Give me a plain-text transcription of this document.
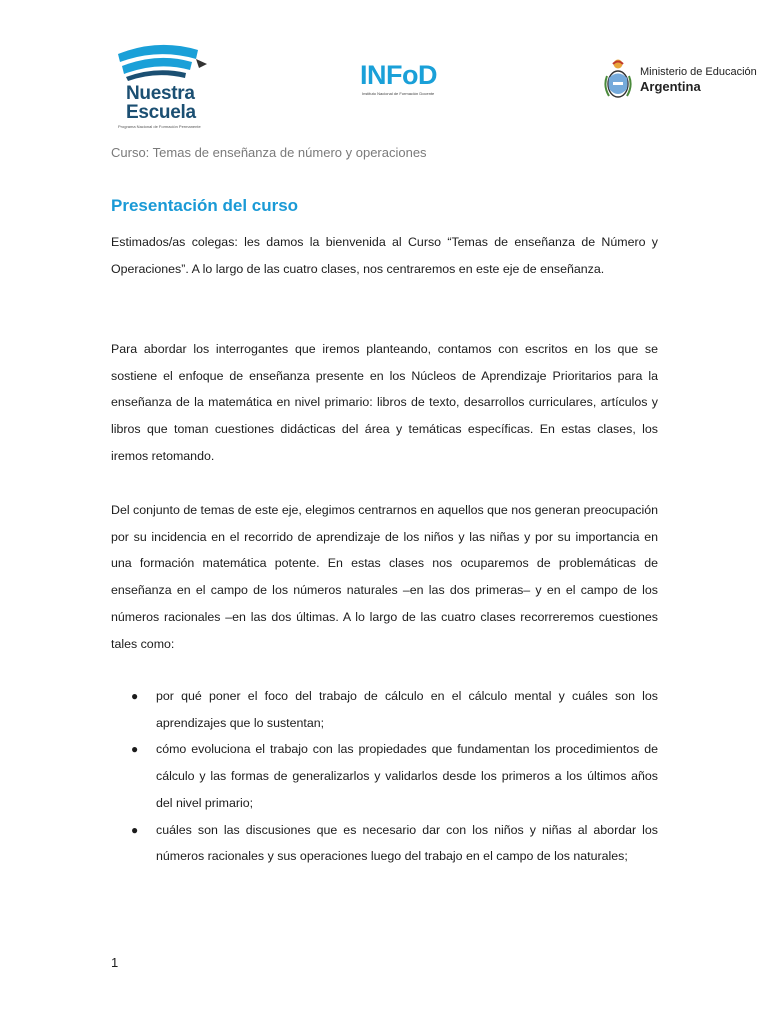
Nuestra
Escuela
Programa Nacional de Formación Permanente
INFoD
Instituto Nacional de Formación Docente
Ministerio de Educación
Argentina
Curso: Temas de enseñanza de número y operaciones
Presentación del curso

Estimados/as colegas: les damos la bienvenida al Curso “Temas de enseñanza de Número y Operaciones”. A lo largo de las cuatro clases, nos centraremos en este eje de enseñanza.

Para abordar los interrogantes que iremos planteando, contamos con escritos en los que se sostiene el enfoque de enseñanza presente en los Núcleos de Aprendizaje Prioritarios para la enseñanza de la matemática en nivel primario: libros de texto, desarrollos curriculares, artículos y libros que toman cuestiones didácticas del área y temáticas específicas. En estas clases, los iremos retomando.

Del conjunto de temas de este eje, elegimos centrarnos en aquellos que nos generan preocupación por su incidencia en el recorrido de aprendizaje de los niños y las niñas y por su importancia en una formación matemática potente. En estas clases nos ocuparemos de problemáticas de enseñanza en el campo de los números naturales –en las dos primeras– y en el campo de los números racionales –en las dos últimas. A lo largo de las cuatro clases recorreremos cuestiones tales como:

● por qué poner el foco del trabajo de cálculo en el cálculo mental y cuáles son los aprendizajes que lo sustentan;
● cómo evoluciona el trabajo con las propiedades que fundamentan los procedimientos de cálculo y las formas de generalizarlos y validarlos desde los primeros a los últimos años del nivel primario;
● cuáles son las discusiones que es necesario dar con los niños y niñas al abordar los números racionales y sus operaciones luego del trabajo en el campo de los naturales;
1
